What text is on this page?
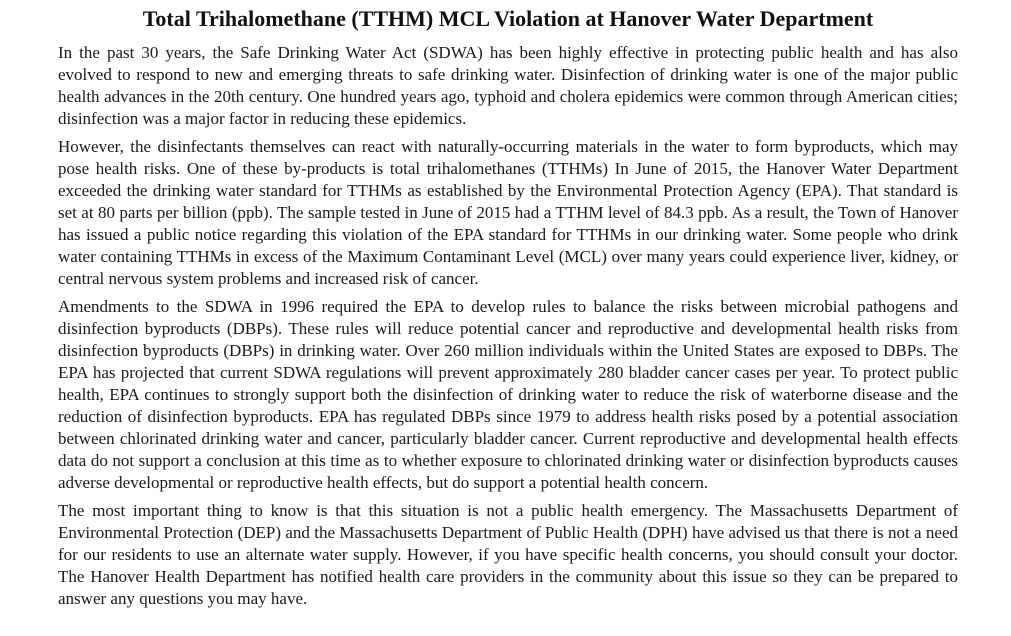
Total Trihalomethane (TTHM) MCL Violation at Hanover Water Department

In the past 30 years, the Safe Drinking Water Act (SDWA) has been highly effective in protecting public health and has also evolved to respond to new and emerging threats to safe drinking water. Disinfection of drinking water is one of the major public health advances in the 20th century. One hundred years ago, typhoid and cholera epidemics were common through American cities; disinfection was a major factor in reducing these epidemics.

However, the disinfectants themselves can react with naturally-occurring materials in the water to form byproducts, which may pose health risks. One of these by-products is total trihalomethanes (TTHMs) In June of 2015, the Hanover Water Department exceeded the drinking water standard for TTHMs as established by the Environmental Protection Agency (EPA). That standard is set at 80 parts per billion (ppb). The sample tested in June of 2015 had a TTHM level of 84.3 ppb. As a result, the Town of Hanover has issued a public notice regarding this violation of the EPA standard for TTHMs in our drinking water. Some people who drink water containing TTHMs in excess of the Maximum Contaminant Level (MCL) over many years could experience liver, kidney, or central nervous system problems and increased risk of cancer.

Amendments to the SDWA in 1996 required the EPA to develop rules to balance the risks between microbial pathogens and disinfection byproducts (DBPs). These rules will reduce potential cancer and reproductive and developmental health risks from disinfection byproducts (DBPs) in drinking water. Over 260 million individuals within the United States are exposed to DBPs. The EPA has projected that current SDWA regulations will prevent approximately 280 bladder cancer cases per year. To protect public health, EPA continues to strongly support both the disinfection of drinking water to reduce the risk of waterborne disease and the reduction of disinfection byproducts. EPA has regulated DBPs since 1979 to address health risks posed by a potential association between chlorinated drinking water and cancer, particularly bladder cancer. Current reproductive and developmental health effects data do not support a conclusion at this time as to whether exposure to chlorinated drinking water or disinfection byproducts causes adverse developmental or reproductive health effects, but do support a potential health concern.

The most important thing to know is that this situation is not a public health emergency. The Massachusetts Department of Environmental Protection (DEP) and the Massachusetts Department of Public Health (DPH) have advised us that there is not a need for our residents to use an alternate water supply. However, if you have specific health concerns, you should consult your doctor. The Hanover Health Department has notified health care providers in the community about this issue so they can be prepared to answer any questions you may have.
